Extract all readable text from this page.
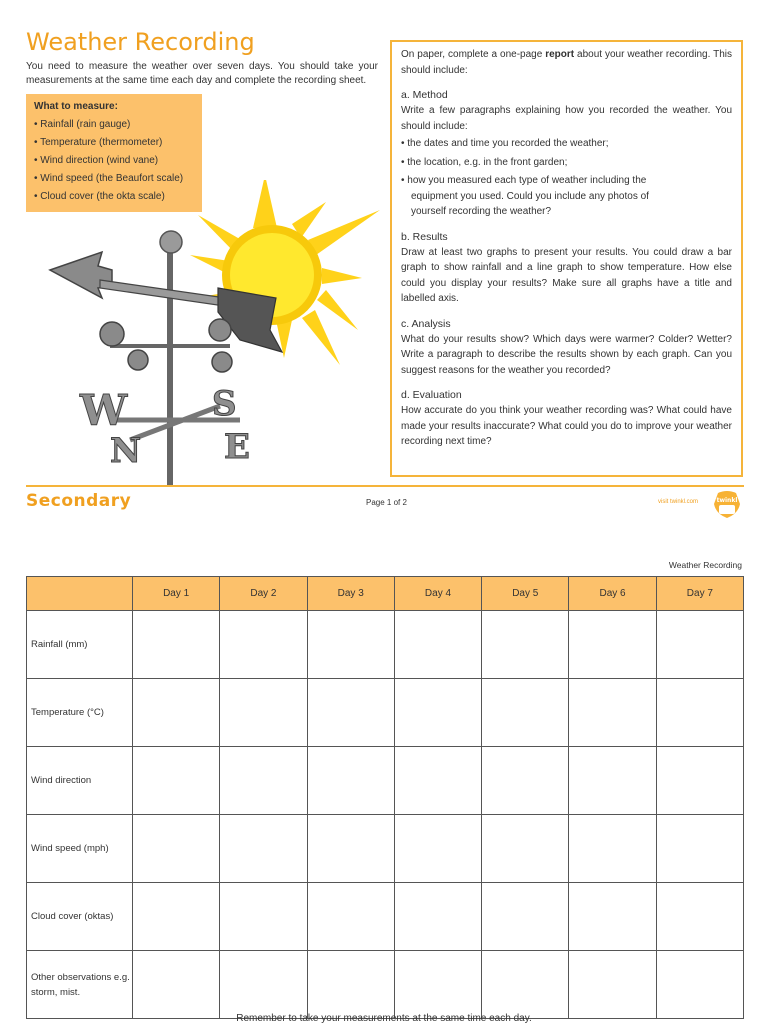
Weather Recording

You need to measure the weather over seven days. You should take your measurements at the same time each day and complete the recording sheet.

What to measure:
• Rainfall (rain gauge)
• Temperature (thermometer)
• Wind direction (wind vane)
• Wind speed (the Beaufort scale)
• Cloud cover (the okta scale)
W
N
S
E

On paper, complete a one-page report about your weather recording. This should include:

a. Method

Write a few paragraphs explaining how you recorded the weather. You should include:

• the dates and time you recorded the weather;
• the location, e.g. in the front garden;
• how you measured each type of weather including the equipment you used. Could you include any photos of yourself recording the weather?
b. Results

Draw at least two graphs to present your results. You could draw a bar graph to show rainfall and a line graph to show temperature. How else could you display your results? Make sure all graphs have a title and labelled axis.

c. Analysis

What do your results show? Which days were warmer? Colder? Wetter? Write a paragraph to describe the results shown by each graph. Can you suggest reasons for the weather you recorded?

d. Evaluation

How accurate do you think your weather recording was? What could have made your results inaccurate? What could you do to improve your weather recording next time?

Secondary	Page 1 of 2	visit twinkl.com	twinkl
Weather Recording
	Day 1	Day 2	Day 3	Day 4	Day 5	Day 6	Day 7
Rainfall (mm)							
Temperature (°C)							
Wind direction							
Wind speed (mph)							
Cloud cover (oktas)							
Other observations e.g. storm, mist.							
Remember to take your measurements at the same time each day.
